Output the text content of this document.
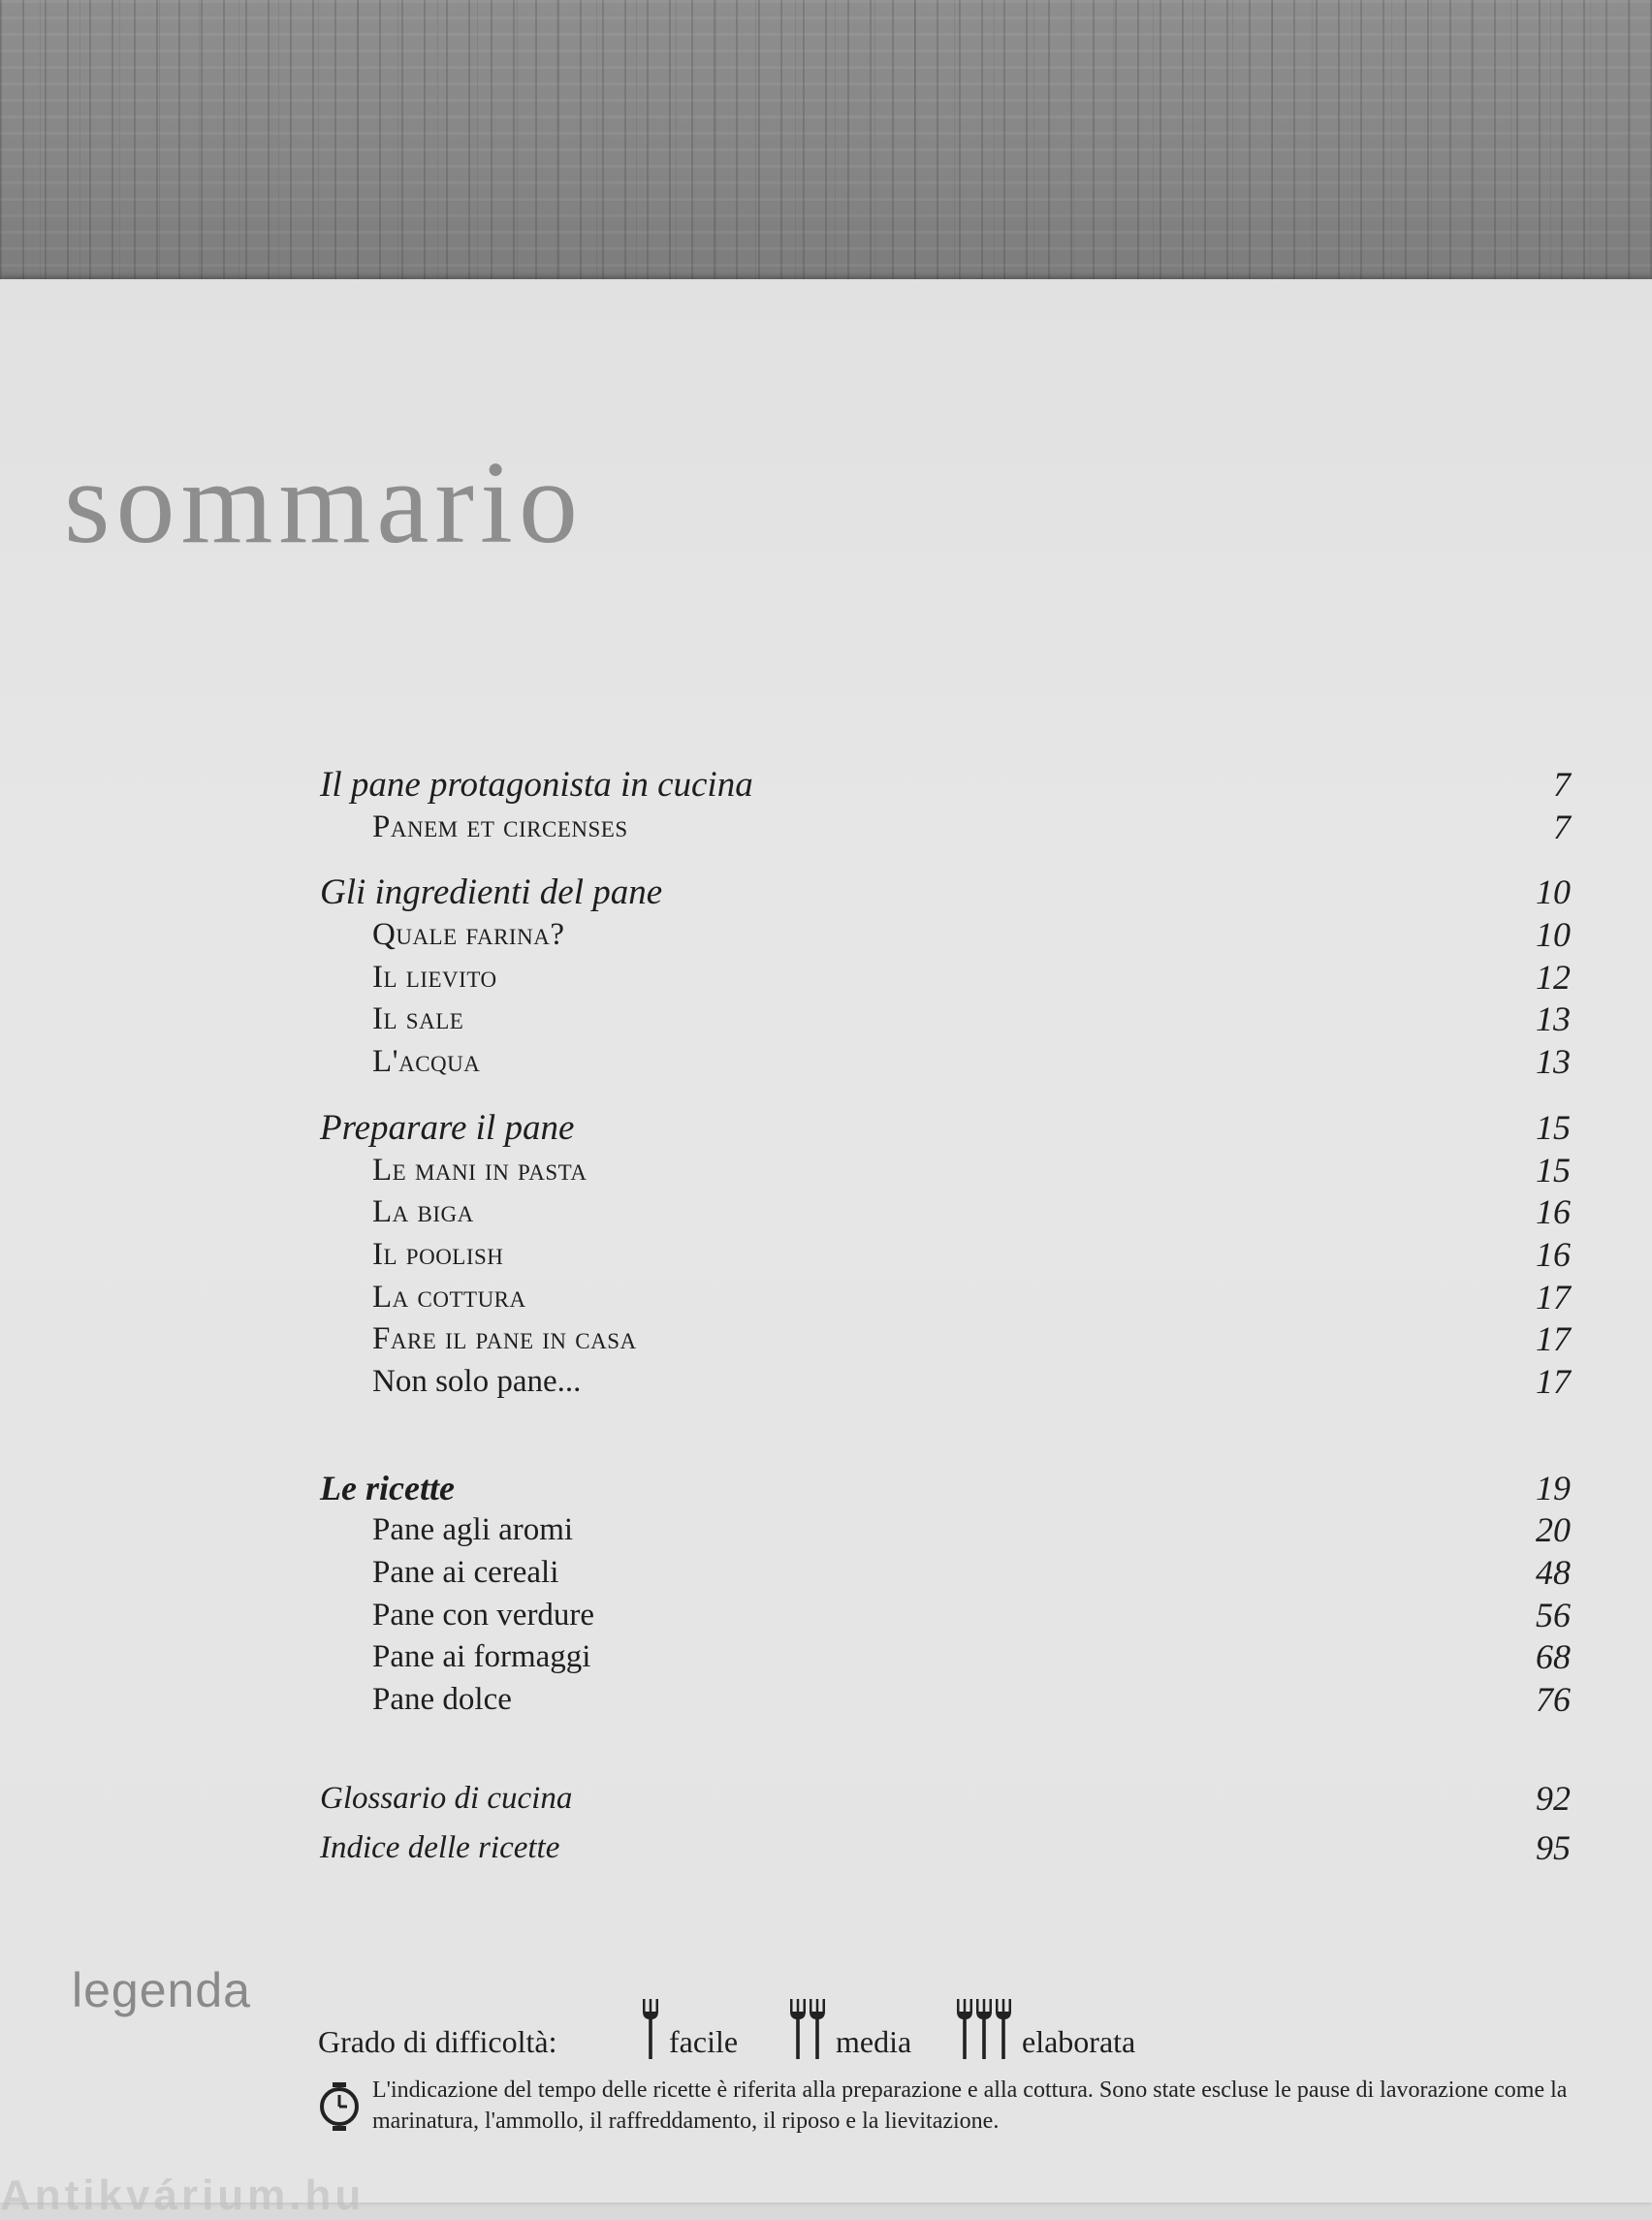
sommario
Il pane protagonista in cucina	7
Panem et circenses	7
Gli ingredienti del pane	10
Quale farina?	10
Il lievito	12
Il sale	13
L'acqua	13
Preparare il pane	15
Le mani in pasta	15
La biga	16
Il poolish	16
La cottura	17
Fare il pane in casa	17
Non solo pane...	17
Le ricette	19
Pane agli aromi	20
Pane ai cereali	48
Pane con verdure	56
Pane ai formaggi	68
Pane dolce	76
Glossario di cucina	92
Indice delle ricette	95
legenda
Grado di difficoltà:	facile	media	elaborata
L'indicazione del tempo delle ricette è riferita alla preparazione e alla cottura. Sono state escluse le pause di lavorazione come la marinatura, l'ammollo, il raffreddamento, il riposo e la lievitazione.
Antikvárium.hu
